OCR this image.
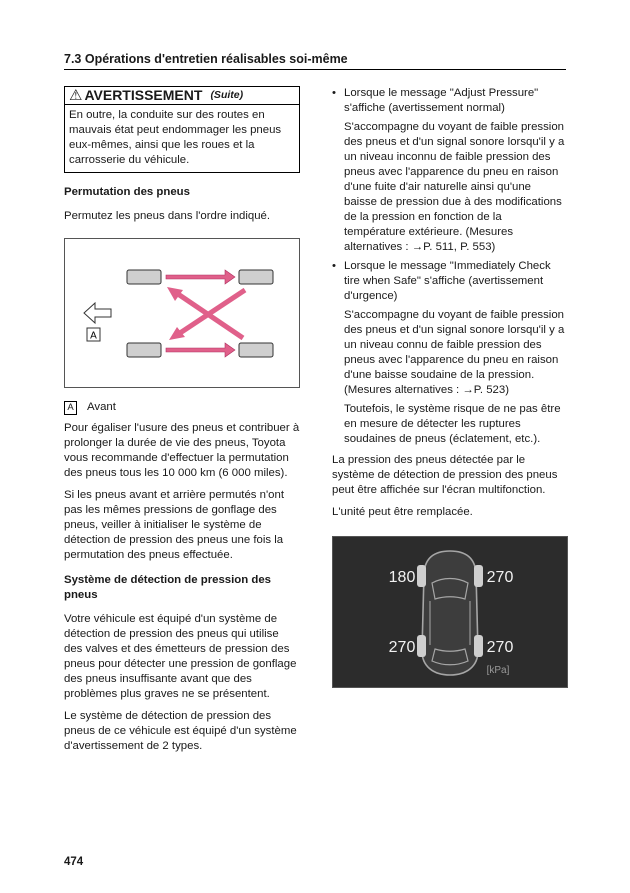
7.3 Opérations d'entretien réalisables soi-même
⚠ AVERTISSEMENT (Suite)
En outre, la conduite sur des routes en mauvais état peut endommager les pneus eux-mêmes, ainsi que les roues et la carrosserie du véhicule.

Permutation des pneus

Permutez les pneus dans l'ordre indiqué.

A
A Avant

Pour égaliser l'usure des pneus et contribuer à prolonger la durée de vie des pneus, Toyota vous recommande d'effectuer la permutation des pneus tous les 10 000 km (6 000 miles).

Si les pneus avant et arrière permutés n'ont pas les mêmes pressions de gonflage des pneus, veiller à initialiser le système de détection de pression des pneus une fois la permutation des pneus effectuée.

Système de détection de pression des pneus

Votre véhicule est équipé d'un système de détection de pression des pneus qui utilise des valves et des émetteurs de pression des pneus pour détecter une pression de gonflage des pneus insuffisante avant que des problèmes plus graves ne se présentent.

Le système de détection de pression des pneus de ce véhicule est équipé d'un système d'avertissement de 2 types.

• Lorsque le message "Adjust Pressure" s'affiche (avertissement normal)

S'accompagne du voyant de faible pression des pneus et d'un signal sonore lorsqu'il y a un niveau inconnu de faible pression des pneus avec l'apparence du pneu en raison d'une fuite d'air naturelle ainsi qu'une baisse de pression due à des modifications de la pression en fonction de la température extérieure. (Mesures alternatives : →P. 511, P. 553)

• Lorsque le message "Immediately Check tire when Safe" s'affiche (avertissement d'urgence)

S'accompagne du voyant de faible pression des pneus et d'un signal sonore lorsqu'il y a un niveau connu de faible pression des pneus avec l'apparence du pneu en raison d'une baisse soudaine de la pression. (Mesures alternatives : →P. 523)

Toutefois, le système risque de ne pas être en mesure de détecter les ruptures soudaines de pneus (éclatement, etc.).

La pression des pneus détectée par le système de détection de pression des pneus peut être affichée sur l'écran multifonction.

L'unité peut être remplacée.

180	270
270	270
[kPa]
474
